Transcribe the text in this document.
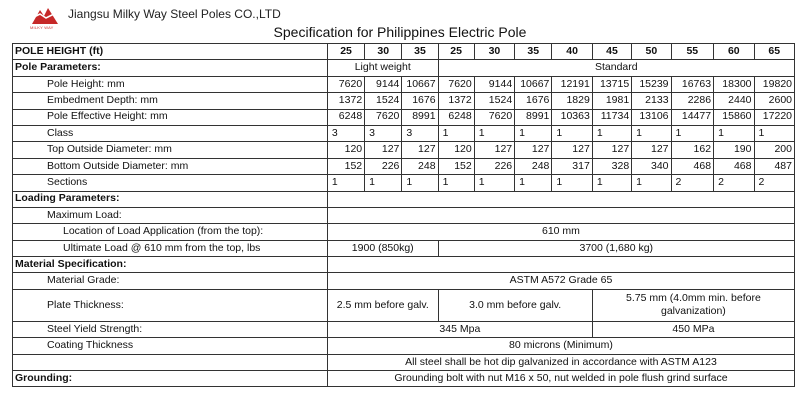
MILKY WAY
Jiangsu Milky Way Steel Poles CO.,LTD
Specification for Philippines Electric Pole
POLE HEIGHT (ft)	25	30	35	25	30	35	40	45	50	55	60	65
Pole Parameters:	Light weight			Standard								
Pole Height: mm	7620	9144	10667	7620	9144	10667	12191	13715	15239	16763	18300	19820
Embedment Depth: mm	1372	1524	1676	1372	1524	1676	1829	1981	2133	2286	2440	2600
Pole Effective Height: mm	6248	7620	8991	6248	7620	8991	10363	11734	13106	14477	15860	17220
Class	3	3	3	1	1	1	1	1	1	1	1	1
Top Outside Diameter: mm	120	127	127	120	127	127	127	127	127	162	190	200
Bottom Outside Diameter: mm	152	226	248	152	226	248	317	328	340	468	468	487
Sections	1	1	1	1	1	1	1	1	1	2	2	2
Loading Parameters:												
Maximum Load:												
Location of Load Application (from the top):	610 mm											
Ultimate Load @ 610 mm from the top, lbs	1900 (850kg)			3700 (1,680 kg)								
Material Specification:												
Material Grade:	ASTM A572 Grade 65											
Plate Thickness:	2.5 mm before galv.			3.0 mm before galv.				5.75 mm (4.0mm min. before galvanization)				
Steel Yield Strength:	345 Mpa							450 MPa				
Coating Thickness	80 microns (Minimum)											
	All steel shall be hot dip galvanized in accordance with ASTM A123											
Grounding:	Grounding bolt with nut M16 x 50, nut welded in pole flush grind surface											
